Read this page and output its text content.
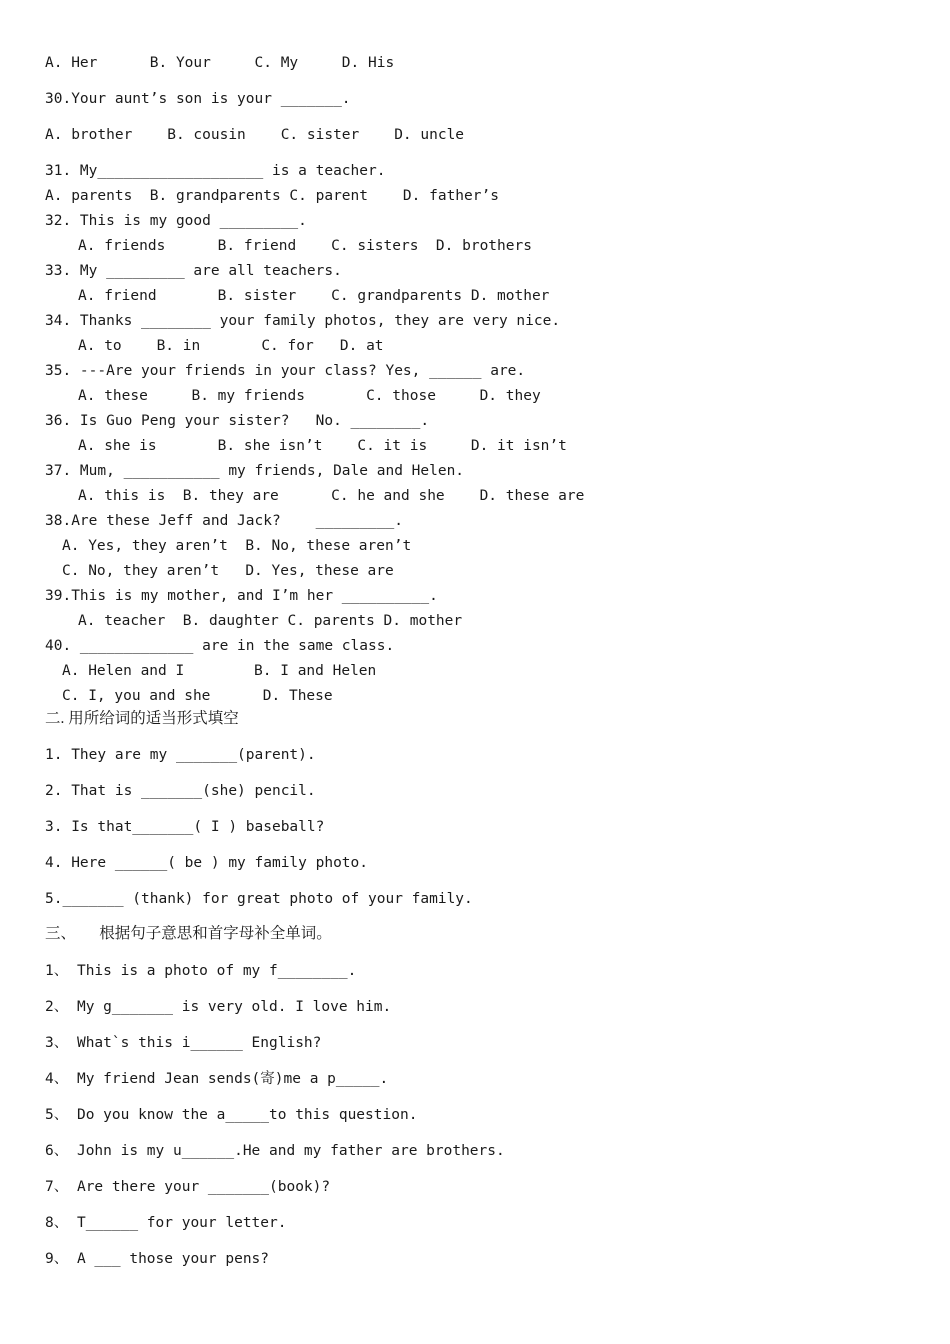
A. Her      B. Your     C. My     D. His
30.Your aunt’s son is your _______.
A. brother    B. cousin    C. sister    D. uncle
31. My___________________ is a teacher.
A. parents  B. grandparents C. parent    D. father’s
32. This is my good _________.
A. friends      B. friend    C. sisters  D. brothers
33. My _________ are all teachers.
A. friend       B. sister    C. grandparents D. mother
34. Thanks ________ your family photos, they are very nice.
A. to    B. in       C. for   D. at
35. ---Are your friends in your class? Yes, ______ are.
A. these     B. my friends       C. those     D. they
36. Is Guo Peng your sister?   No. ________.
A. she is       B. she isn’t    C. it is     D. it isn’t
37. Mum, ___________ my friends, Dale and Helen.
A. this is  B. they are      C. he and she    D. these are
38.Are these Jeff and Jack?    _________.
A. Yes, they aren’t  B. No, these aren’t
C. No, they aren’t   D. Yes, these are
39.This is my mother, and I’m her __________.
A. teacher  B. daughter C. parents D. mother
40. _____________ are in the same class.
A. Helen and I        B. I and Helen
C. I, you and she      D. These
二. 用所给词的适当形式填空
1. They are my _______(parent).
2. That is _______(she) pencil.
3. Is that_______( I ) baseball?
4. Here ______( be ) my family photo.
5._______ (thank) for great photo of your family.
三、      根据句子意思和首字母补全单词。
1、 This is a photo of my f________.
2、 My g_______ is very old. I love him.
3、 What`s this i______ English?
4、 My friend Jean sends(寄)me a p_____.
5、 Do you know the a_____to this question.
6、 John is my u______.He and my father are brothers.
7、 Are there your _______(book)?
8、 T______ for your letter.
9、 A ___ those your pens?
